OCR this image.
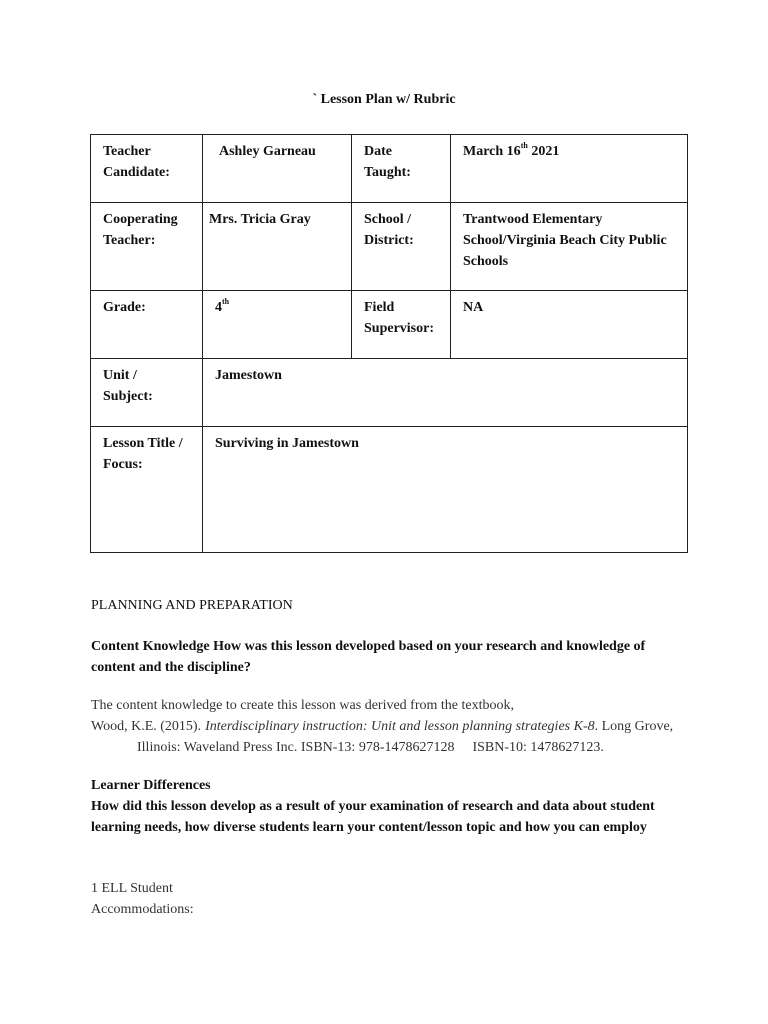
` Lesson Plan w/ Rubric
Teacher Candidate:	Ashley Garneau	Date Taught:	March 16th 2021
Cooperating Teacher:	Mrs. Tricia Gray	School / District:	Trantwood Elementary School/Virginia Beach City Public Schools
Grade:	4th	Field Supervisor:	NA
Unit / Subject:	Jamestown		
Lesson Title / Focus:	Surviving in Jamestown		
PLANNING AND PREPARATION
Content Knowledge How was this lesson developed based on your research and knowledge of content and the discipline?
The content knowledge to create this lesson was derived from the textbook,
Wood, K.E. (2015). Interdisciplinary instruction: Unit and lesson planning strategies K-8. Long Grove,
Illinois: Waveland Press Inc. ISBN-13: 978-1478627128 ISBN-10: 1478627123.
Learner Differences
How did this lesson develop as a result of your examination of research and data about student learning needs, how diverse students learn your content/lesson topic and how you can employ
1 ELL Student
Accommodations:
